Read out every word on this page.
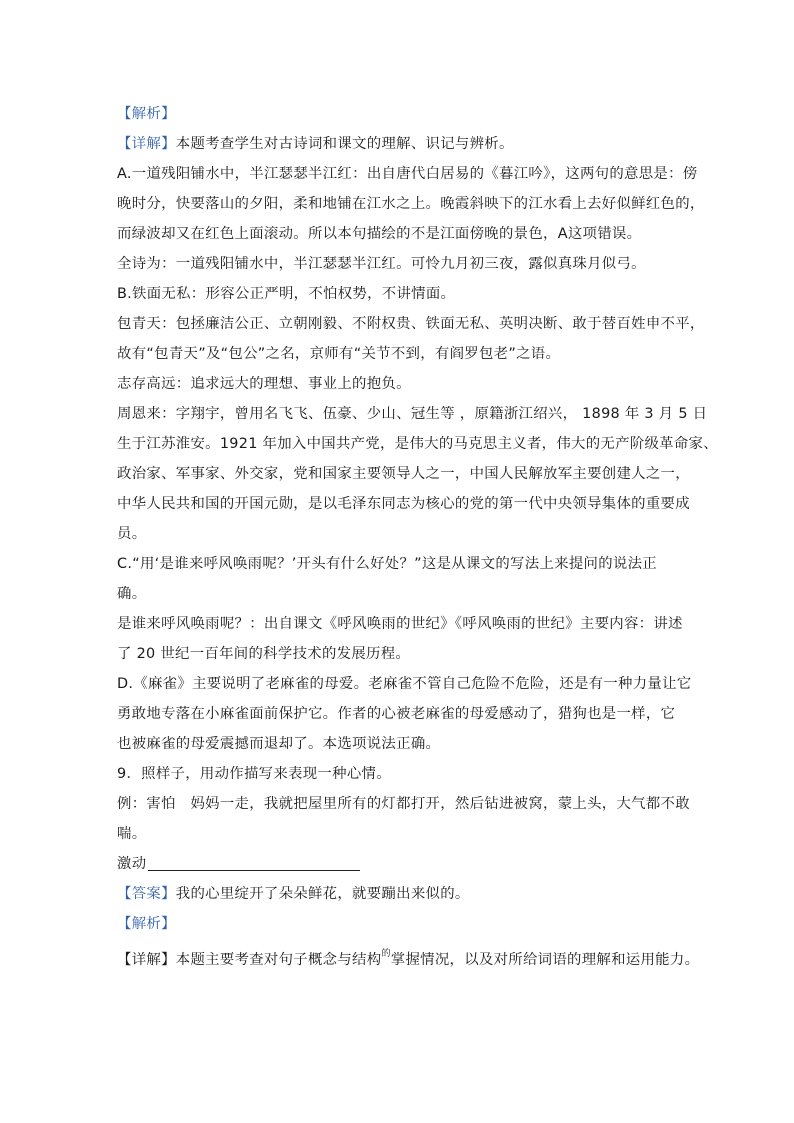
【解析】
【详解】本题考查学生对古诗词和课文的理解、识记与辨析。
A.一道残阳铺水中，半江瑟瑟半江红：出自唐代白居易的《暮江吟》，这两句的意思是：傍
晚时分，快要落山的夕阳，柔和地铺在江水之上。晚霞斜映下的江水看上去好似鲜红色的，
而绿波却又在红色上面滚动。所以本句描绘的不是江面傍晚的景色，A这项错误。
全诗为：一道残阳铺水中，半江瑟瑟半江红。可怜九月初三夜，露似真珠月似弓。
B.铁面无私：形容公正严明，不怕权势，不讲情面。
包青天：包拯廉洁公正、立朝刚毅、不附权贵、铁面无私、英明决断、敢于替百姓申不平，
故有“包青天”及“包公”之名，京师有“关节不到，有阎罗包老”之语。
志存高远：追求远大的理想、事业上的抱负。
周恩来：字翔宇，曾用名飞飞、伍豪、少山、冠生等 ，原籍浙江绍兴， 1898 年 3 月 5 日
生于江苏淮安。1921 年加入中国共产党，是伟大的马克思主义者，伟大的无产阶级革命家、
政治家、军事家、外交家，党和国家主要领导人之一，中国人民解放军主要创建人之一，
中华人民共和国的开国元勋，是以毛泽东同志为核心的党的第一代中央领导集体的重要成
员。
C.“用‘是谁来呼风唤雨呢？’开头有什么好处？”这是从课文的写法上来提问的说法正
确。
是谁来呼风唤雨呢？：出自课文《呼风唤雨的世纪》《呼风唤雨的世纪》主要内容：讲述
了 20 世纪一百年间的科学技术的发展历程。
D.《麻雀》主要说明了老麻雀的母爱。老麻雀不管自己危险不危险，还是有一种力量让它
勇敢地专落在小麻雀面前保护它。作者的心被老麻雀的母爱感动了，猎狗也是一样，它
也被麻雀的母爱震撼而退却了。本选项说法正确。
9．照样子，用动作描写来表现一种心情。
例：害怕　妈妈一走，我就把屋里所有的灯都打开，然后钻进被窝，蒙上头，大气都不敢
喘。
激动
【答案】我的心里绽开了朵朵鲜花，就要蹦出来似的。
【解析】
【详解】本题主要考查对句子概念与结构$^的$掌握情况，以及对所给词语的理解和运用能力。
